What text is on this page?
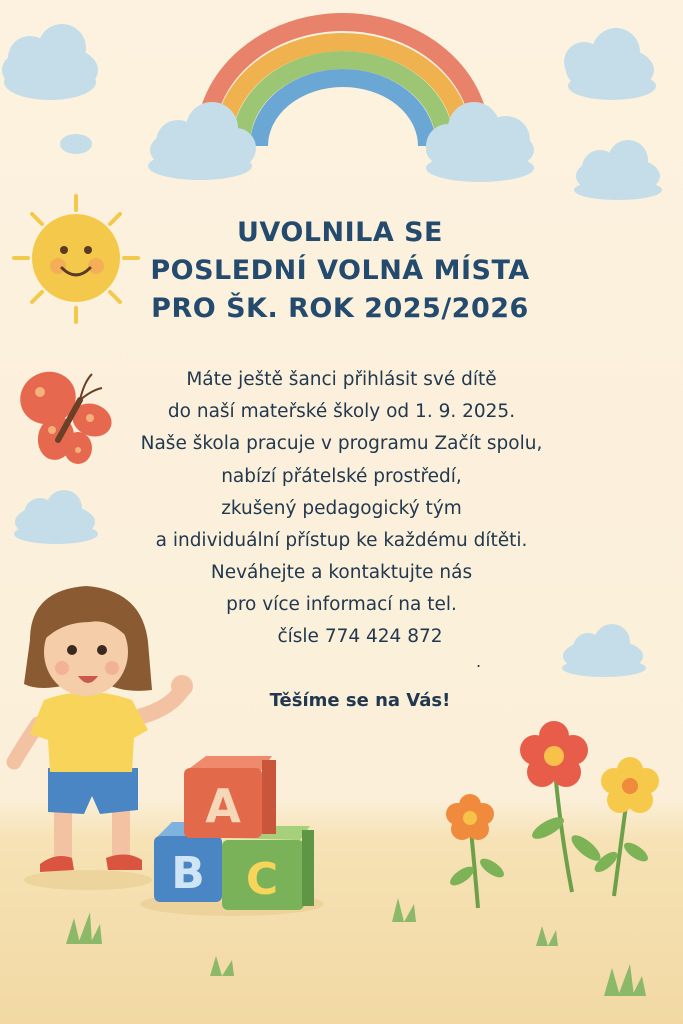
A
B C
UVOLNILA SE
POSLEDNÍ VOLNÁ MÍSTA
PRO ŠK. ROK 2025/2026
Máte ještě šanci přihlásit své dítě
do naší mateřské školy od 1. 9. 2025.
Naše škola pracuje v programu Začít spolu,
nabízí přátelské prostředí,
zkušený pedagogický tým
a individuální přístup ke každému dítěti.
Neváhejte a kontaktujte nás
pro více informací na tel.
čísle 774 424 872
.
Těšíme se na Vás!
